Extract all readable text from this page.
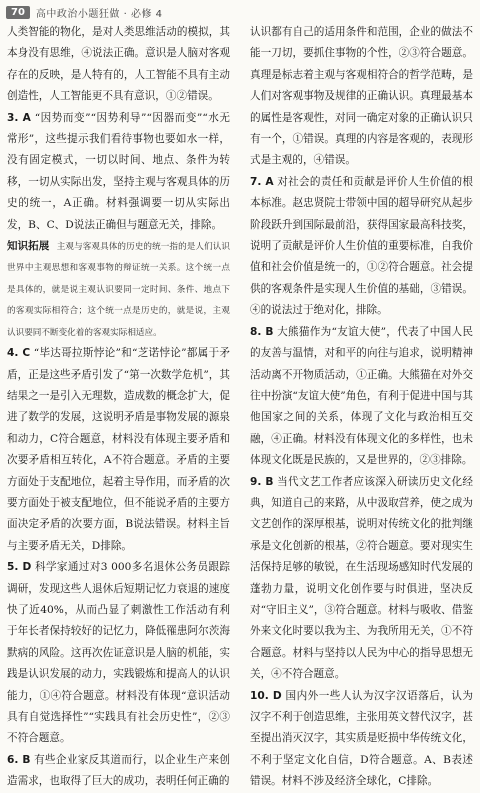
70	高中政治小题狂做 · 必修 4

人类智能的物化，是对人类思维活动的模拟，其本身没有思维，④说法正确。意识是人脑对客观存在的反映，是人特有的，人工智能不具有主动创造性，人工智能更不具有意识，①②错误。

3. A “因势而变”“因势利导”“因器而变”“水无常形”，这些提示我们看待事物也要如水一样，没有固定模式，一切以时间、地点、条件为转移，一切从实际出发，坚持主观与客观具体的历史的统一，A正确。材料强调要一切从实际出发，B、C、D说法正确但与题意无关，排除。

知识拓展 主观与客观具体的历史的统一指的是人们认识世界中主观思想和客观事物的辩证统一关系。这个统一点是具体的，就是说主观认识要同一定时间、条件、地点下的客观实际相符合；这个统一点是历史的，就是说，主观认识要同不断变化着的客观实际相适应。

4. C “毕达哥拉斯悖论”和“芝诺悖论”都属于矛盾，正是这些矛盾引发了“第一次数学危机”，其结果之一是引入无理数，造成数的概念扩大，促进了数学的发展，这说明矛盾是事物发展的源泉和动力，C符合题意，材料没有体现主要矛盾和次要矛盾相互转化，A不符合题意。矛盾的主要方面处于支配地位，起着主导作用，而矛盾的次要方面处于被支配地位，但不能说矛盾的主要方面决定矛盾的次要方面，B说法错误。材料主旨与主要矛盾无关，D排除。

5. D 科学家通过对3 000多名退休公务员跟踪调研，发现这些人退休后短期记忆力衰退的速度快了近40%，从而凸显了刺激性工作活动有利于年长者保持较好的记忆力，降低罹患阿尔茨海默病的风险。这再次佐证意识是人脑的机能，实践是认识发展的动力，实践锻炼和提高人的认识能力，①④符合题意。材料没有体现“意识活动具有自觉选择性”“实践具有社会历史性”，②③不符合题意。

6. B 有些企业家反其道而行，以企业生产来创造需求，也取得了巨大的成功，表明任何正确的

认识都有自己的适用条件和范围，企业的做法不能一刀切，要抓住事物的个性，②③符合题意。真理是标志着主观与客观相符合的哲学范畴，是人们对客观事物及规律的正确认识。真理最基本的属性是客观性，对同一确定对象的正确认识只有一个，①错误。真理的内容是客观的，表现形式是主观的，④错误。

7. A 对社会的责任和贡献是评价人生价值的根本标准。赵忠贤院士带领中国的超导研究从起步阶段跃升到国际最前沿，获得国家最高科技奖，说明了贡献是评价人生价值的重要标准，自我价值和社会价值是统一的，①②符合题意。社会提供的客观条件是实现人生价值的基础，③错误。④的说法过于绝对化，排除。

8. B 大熊猫作为“友谊大使”，代表了中国人民的友善与温情，对和平的向往与追求，说明精神活动离不开物质活动，①正确。大熊猫在对外交往中扮演“友谊大使”角色，有利于促进中国与其他国家之间的关系，体现了文化与政治相互交融，④正确。材料没有体现文化的多样性，也未体现文化既是民族的，又是世界的，②③排除。

9. B 当代文艺工作者应该深入研读历史文化经典，知道自己的来路，从中汲取营养，使之成为文艺创作的深厚根基，说明对传统文化的批判继承是文化创新的根基，②符合题意。要对现实生活保持足够的敏锐，在生活现场感知时代发展的蓬勃力量，说明文化创作要与时俱进，坚决反对“守旧主义”，③符合题意。材料与吸收、借鉴外来文化时要以我为主、为我所用无关，①不符合题意。材料与坚持以人民为中心的指导思想无关，④不符合题意。

10. D 国内外一些人认为汉字汉语落后，认为汉字不利于创造思维，主张用英文替代汉字，甚至提出消灭汉字，其实质是贬损中华传统文化，不利于坚定文化自信，D符合题意。A、B表述错误。材料不涉及经济全球化，C排除。
